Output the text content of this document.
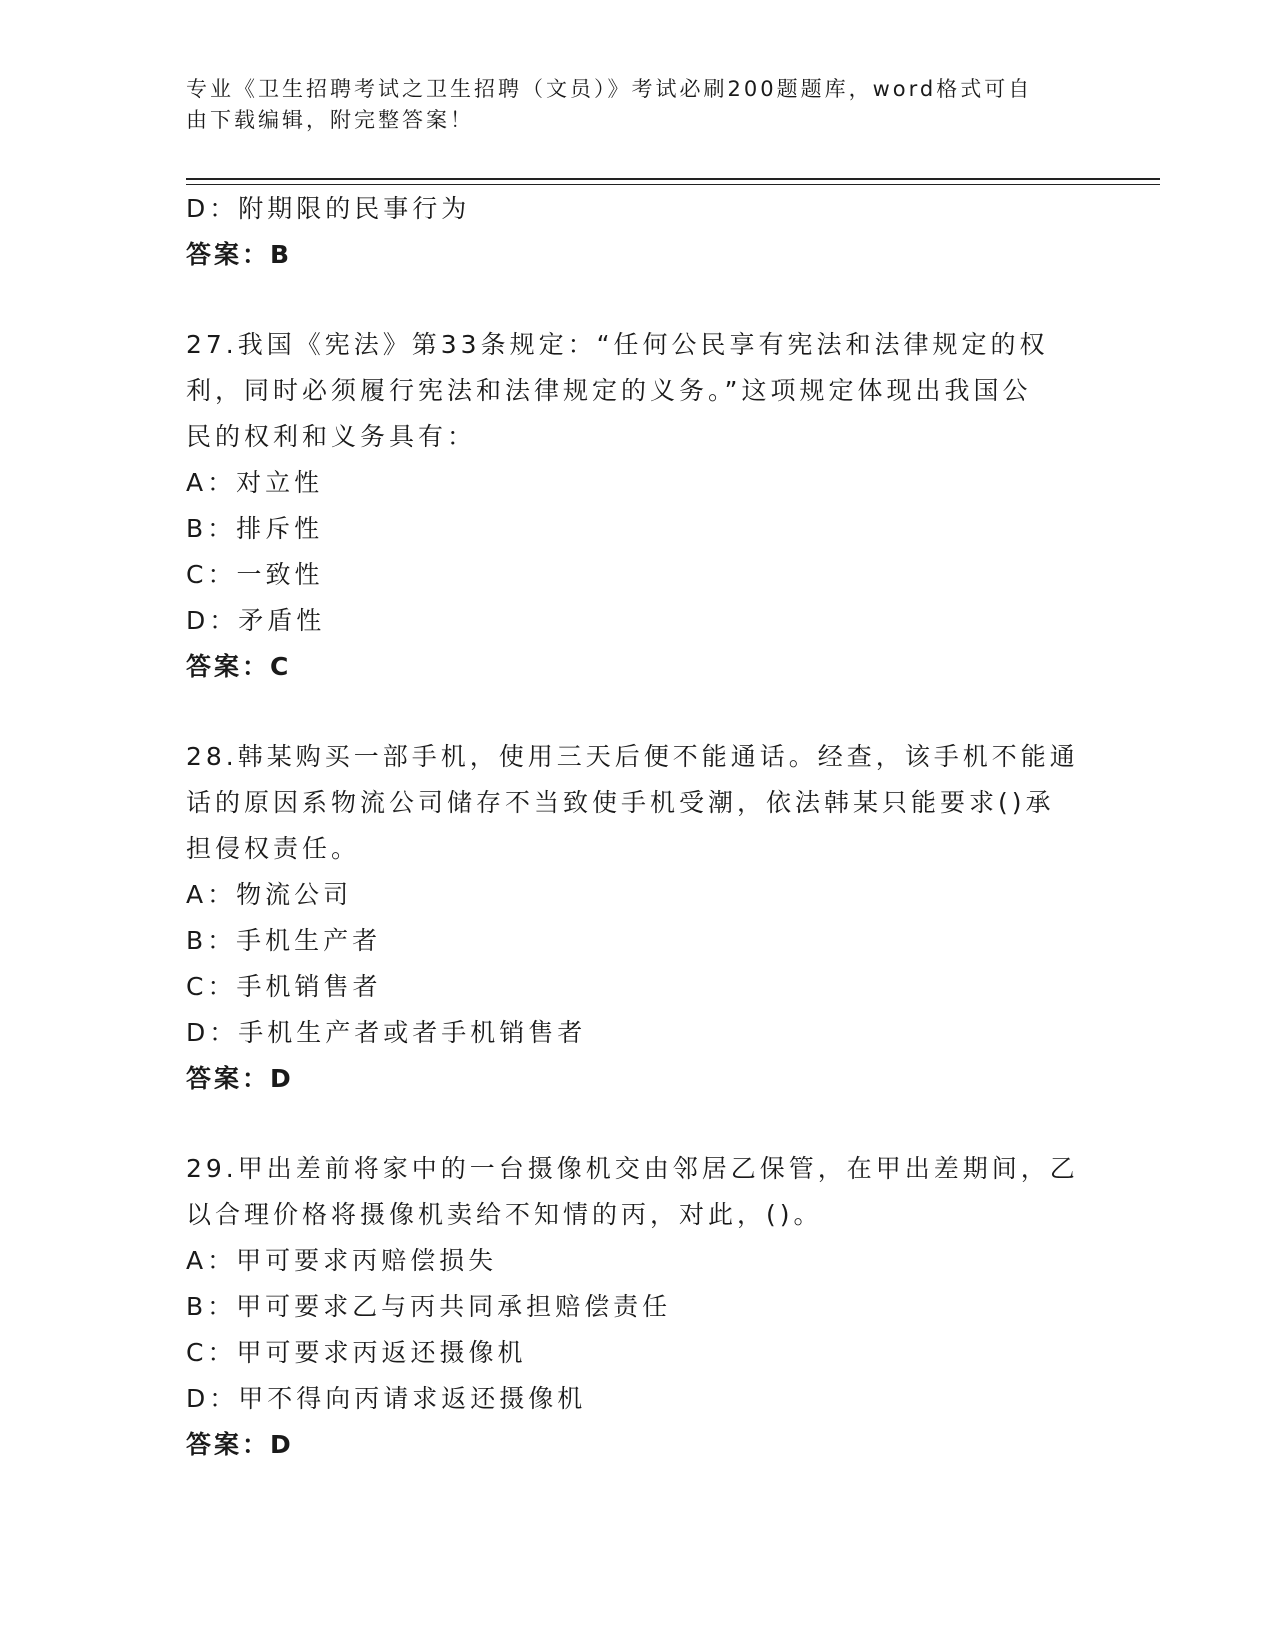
专业《卫生招聘考试之卫生招聘（文员）》考试必刷200题题库，word格式可自
由下载编辑，附完整答案！
D：附期限的民事行为
答案：B
27.我国《宪法》第33条规定：“任何公民享有宪法和法律规定的权
利，同时必须履行宪法和法律规定的义务。”这项规定体现出我国公
民的权利和义务具有：
A：对立性
B：排斥性
C：一致性
D：矛盾性
答案：C
28.韩某购买一部手机，使用三天后便不能通话。经查，该手机不能通
话的原因系物流公司储存不当致使手机受潮，依法韩某只能要求()承
担侵权责任。
A：物流公司
B：手机生产者
C：手机销售者
D：手机生产者或者手机销售者
答案：D
29.甲出差前将家中的一台摄像机交由邻居乙保管，在甲出差期间，乙
以合理价格将摄像机卖给不知情的丙，对此，()。
A：甲可要求丙赔偿损失
B：甲可要求乙与丙共同承担赔偿责任
C：甲可要求丙返还摄像机
D：甲不得向丙请求返还摄像机
答案：D
